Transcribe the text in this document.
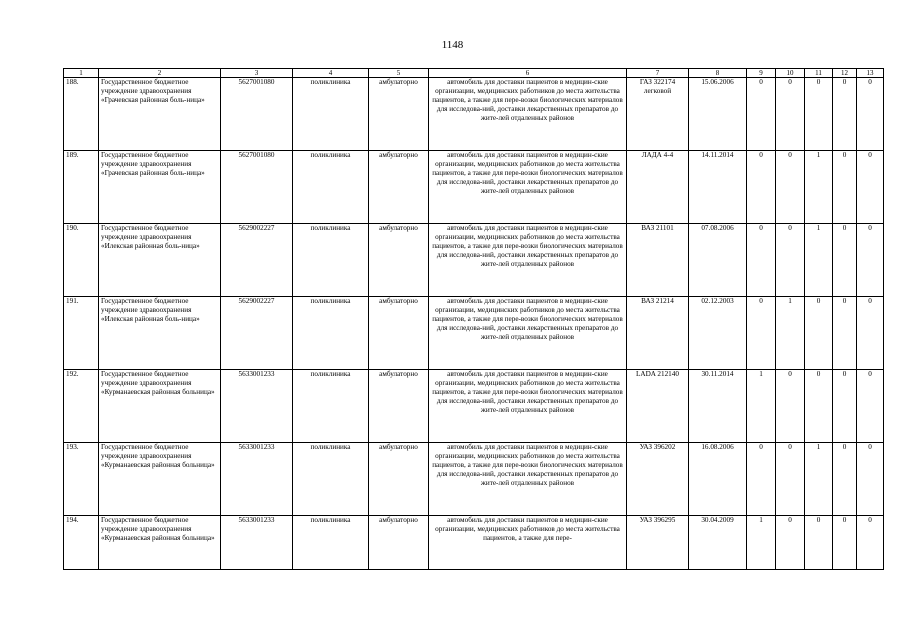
1148
1	2	3	4	5	6	7	8	9	10	11	12	13
188.	Государственное бюджетное учреждение здравоохранения «Грачевская районная боль-ница»	5627001080	поликлиника	амбулаторно	автомобиль для доставки пациентов в медицин-ские организации, медицинских работников до места жительства пациентов, а также для пере-возки биологических материалов для исследова-ний, доставки лекарственных препаратов до жите-лей отдаленных районов	ГАЗ 322174 легковой	15.06.2006	0	0	0	0	0
189.	Государственное бюджетное учреждение здравоохранения «Грачевская районная боль-ница»	5627001080	поликлиника	амбулаторно	автомобиль для доставки пациентов в медицин-ские организации, медицинских работников до места жительства пациентов, а также для пере-возки биологических материалов для исследова-ний, доставки лекарственных препаратов до жите-лей отдаленных районов	ЛАДА 4-4	14.11.2014	0	0	1	0	0
190.	Государственное бюджетное учреждение здравоохранения «Илекская районная боль-ница»	5629002227	поликлиника	амбулаторно	автомобиль для доставки пациентов в медицин-ские организации, медицинских работников до места жительства пациентов, а также для пере-возки биологических материалов для исследова-ний, доставки лекарственных препаратов до жите-лей отдаленных районов	ВАЗ 21101	07.08.2006	0	0	1	0	0
191.	Государственное бюджетное учреждение здравоохранения «Илекская районная боль-ница»	5629002227	поликлиника	амбулаторно	автомобиль для доставки пациентов в медицин-ские организации, медицинских работников до места жительства пациентов, а также для пере-возки биологических материалов для исследова-ний, доставки лекарственных препаратов до жите-лей отдаленных районов	ВАЗ 21214	02.12.2003	0	1	0	0	0
192.	Государственное бюджетное учреждение здравоохранения «Курманаевская районная больница»	5633001233	поликлиника	амбулаторно	автомобиль для доставки пациентов в медицин-ские организации, медицинских работников до места жительства пациентов, а также для пере-возки биологических материалов для исследова-ний, доставки лекарственных препаратов до жите-лей отдаленных районов	LADA 212140	30.11.2014	1	0	0	0	0
193.	Государственное бюджетное учреждение здравоохранения «Курманаевская районная больница»	5633001233	поликлиника	амбулаторно	автомобиль для доставки пациентов в медицин-ские организации, медицинских работников до места жительства пациентов, а также для пере-возки биологических материалов для исследова-ний, доставки лекарственных препаратов до жите-лей отдаленных районов	УАЗ 396202	16.08.2006	0	0	1	0	0
194.	Государственное бюджетное учреждение здравоохранения «Курманаевская районная больница»	5633001233	поликлиника	амбулаторно	автомобиль для доставки пациентов в медицин-ские организации, медицинских работников до места жительства пациентов, а также для пере-	УАЗ 396295	30.04.2009	1	0	0	0	0
